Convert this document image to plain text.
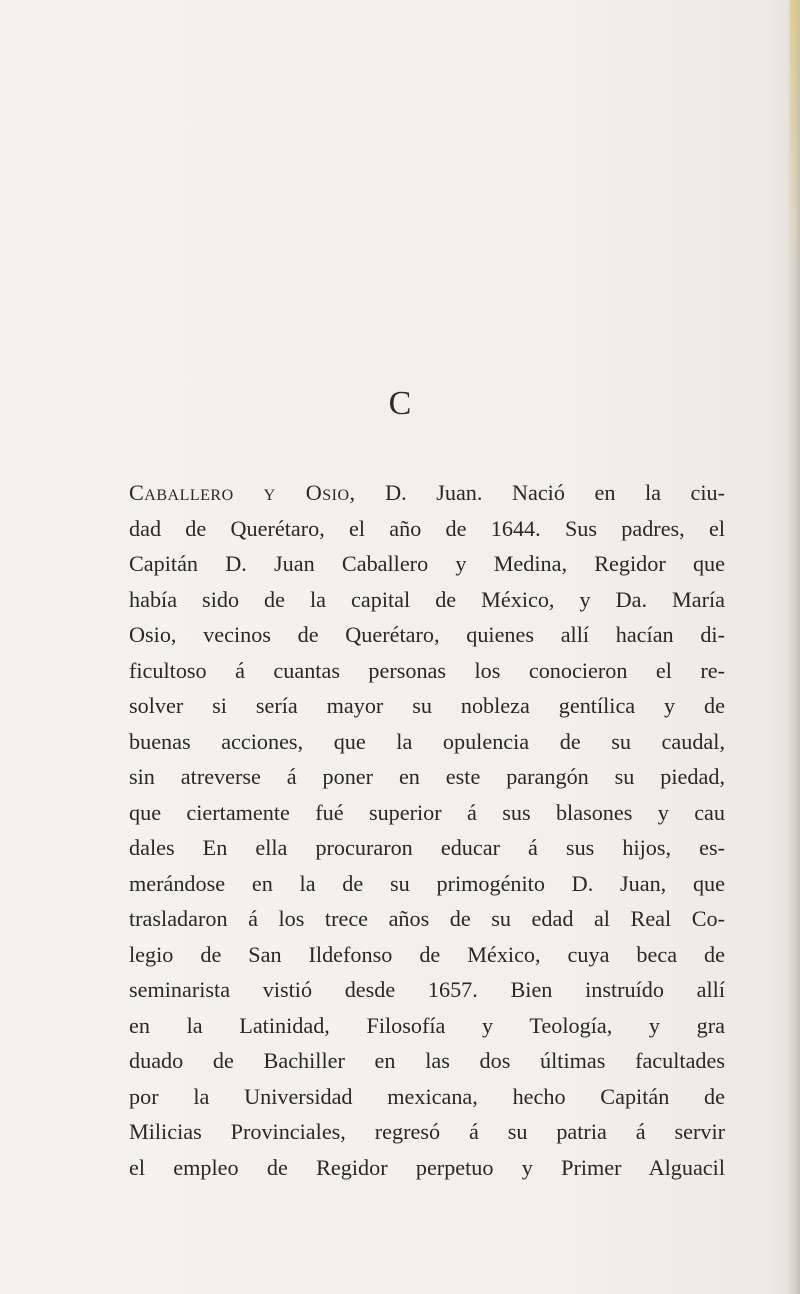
C
Caballero y Osio, D. Juan. Nació en la ciu-
dad de Querétaro, el año de 1644. Sus padres, el
Capitán D. Juan Caballero y Medina, Regidor que
había sido de la capital de México, y Da. María
Osio, vecinos de Querétaro, quienes allí hacían di-
ficultoso á cuantas personas los conocieron el re-
solver si sería mayor su nobleza gentílica y de
buenas acciones, que la opulencia de su caudal,
sin atreverse á poner en este parangón su piedad,
que ciertamente fué superior á sus blasones y cau
dales En ella procuraron educar á sus hijos, es-
merándose en la de su primogénito D. Juan, que
trasladaron á los trece años de su edad al Real Co-
legio de San Ildefonso de México, cuya beca de
seminarista vistió desde 1657. Bien instruído allí
en la Latinidad, Filosofía y Teología, y gra
duado de Bachiller en las dos últimas facultades
por la Universidad mexicana, hecho Capitán de
Milicias Provinciales, regresó á su patria á servir
el empleo de Regidor perpetuo y Primer Alguacil
